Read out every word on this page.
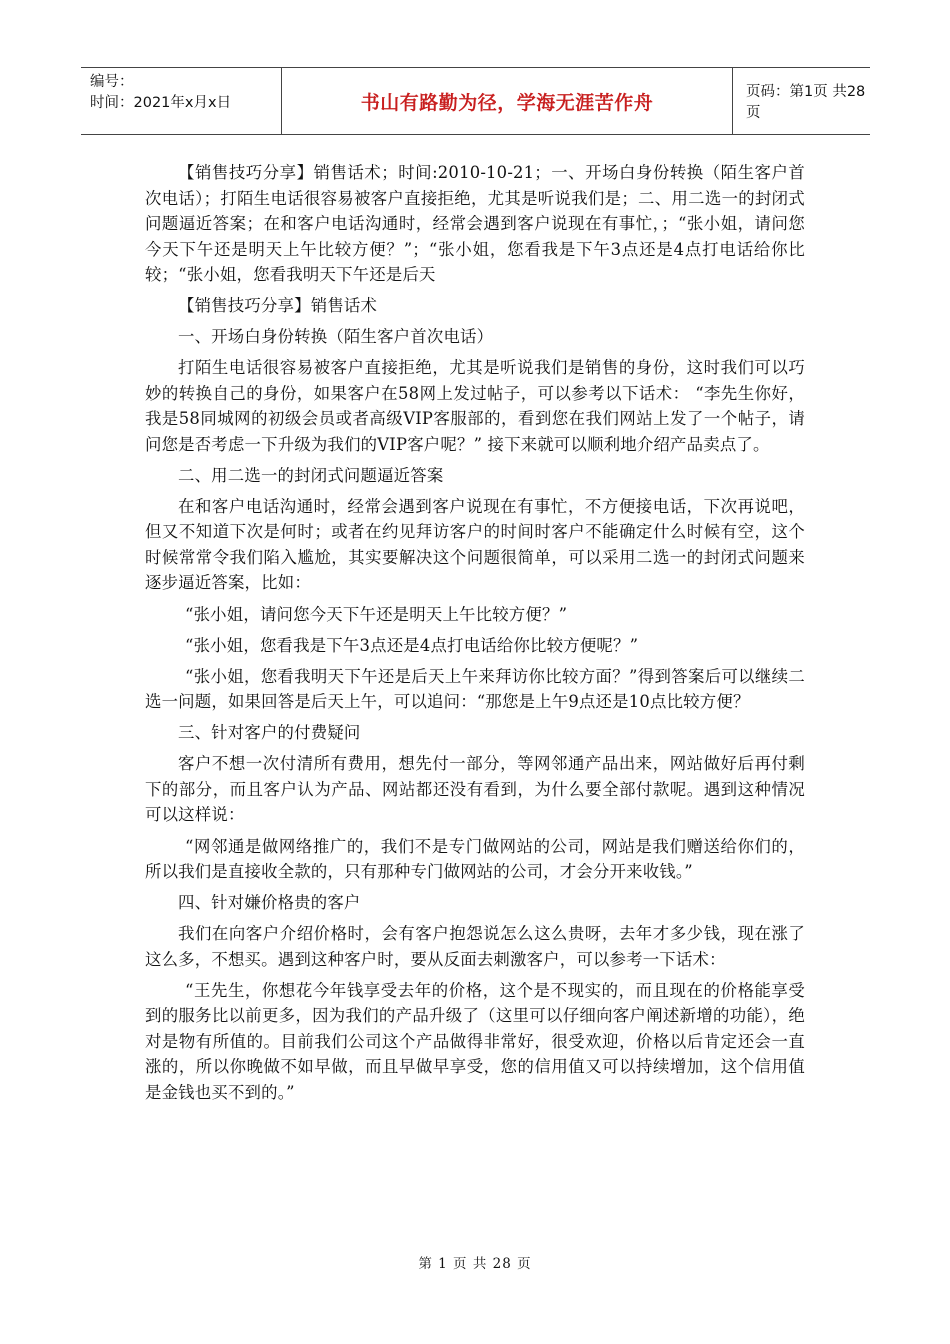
编号：
时间：2021年x月x日	书山有路勤为径，学海无涯苦作舟	页码：第1页 共28页

【销售技巧分享】销售话术；时间:2010-10-21；一、开场白身份转换（陌生客户首次电话）；打陌生电话很容易被客户直接拒绝，尤其是听说我们是；二、用二选一的封闭式问题逼近答案；在和客户电话沟通时，经常会遇到客户说现在有事忙，；“张小姐，请问您今天下午还是明天上午比较方便？”；“张小姐，您看我是下午3点还是4点打电话给你比较；“张小姐，您看我明天下午还是后天

【销售技巧分享】销售话术

一、开场白身份转换（陌生客户首次电话）

打陌生电话很容易被客户直接拒绝，尤其是听说我们是销售的身份，这时我们可以巧妙的转换自己的身份，如果客户在58网上发过帖子，可以参考以下话术： “李先生你好，我是58同城网的初级会员或者高级VIP客服部的，看到您在我们网站上发了一个帖子，请问您是否考虑一下升级为我们的VIP客户呢？” 接下来就可以顺利地介绍产品卖点了。

二、用二选一的封闭式问题逼近答案

在和客户电话沟通时，经常会遇到客户说现在有事忙，不方便接电话，下次再说吧，但又不知道下次是何时；或者在约见拜访客户的时间时客户不能确定什么时候有空，这个时候常常令我们陷入尴尬，其实要解决这个问题很简单，可以采用二选一的封闭式问题来逐步逼近答案，比如：

“张小姐，请问您今天下午还是明天上午比较方便？”

“张小姐，您看我是下午3点还是4点打电话给你比较方便呢？”

“张小姐，您看我明天下午还是后天上午来拜访你比较方面？”得到答案后可以继续二选一问题，如果回答是后天上午，可以追问：“那您是上午9点还是10点比较方便？

三、针对客户的付费疑问

客户不想一次付清所有费用，想先付一部分，等网邻通产品出来，网站做好后再付剩下的部分，而且客户认为产品、网站都还没有看到，为什么要全部付款呢。遇到这种情况可以这样说：

“网邻通是做网络推广的，我们不是专门做网站的公司，网站是我们赠送给你们的，所以我们是直接收全款的，只有那种专门做网站的公司，才会分开来收钱。”

四、针对嫌价格贵的客户

我们在向客户介绍价格时，会有客户抱怨说怎么这么贵呀，去年才多少钱，现在涨了这么多，不想买。遇到这种客户时，要从反面去刺激客户，可以参考一下话术：

“王先生，你想花今年钱享受去年的价格，这个是不现实的，而且现在的价格能享受到的服务比以前更多，因为我们的产品升级了（这里可以仔细向客户阐述新增的功能），绝对是物有所值的。目前我们公司这个产品做得非常好，很受欢迎，价格以后肯定还会一直涨的，所以你晚做不如早做，而且早做早享受，您的信用值又可以持续增加，这个信用值是金钱也买不到的。”

第 1 页 共 28 页
